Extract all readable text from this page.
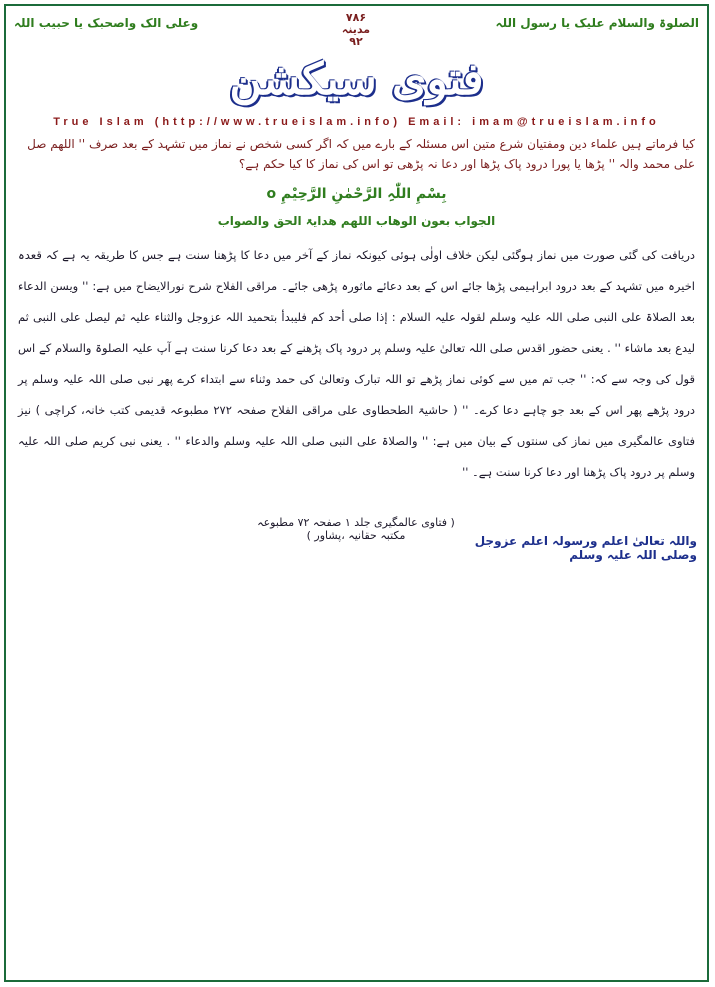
الصلوۃ والسلام علیک یا رسول اللہ
۷۸۶
مدینہ
۹۲
وعلی الک واصحبک یا حبیب اللہ
فتوی سیکشن
True Islam (http://www.trueislam.info) Email: imam@trueislam.info
کیا فرماتے ہیں علماء دین ومفتیان شرع متین اس مسئلہ کے بارے میں کہ اگر کسی شخص نے نماز میں تشہد کے بعد صرف '' اللھم صل علی محمد والہ '' پڑھا یا پورا درود پاک پڑھا اور دعا نہ پڑھی تو اس کی نماز کا کیا حکم ہے؟
بِسْمِ اللّٰہِ الرَّحْمٰنِ الرَّحِیْمِ o
الجواب بعون الوھاب اللھم ھدایۃ الحق والصواب
دریافت کی گئی صورت میں نماز ہوگئی لیکن خلاف اولٰی ہوئی کیونکہ نماز کے آخر میں دعا کا پڑھنا سنت ہے جس کا طریقہ یہ ہے کہ قعدہ اخیرہ میں تشہد کے بعد درود ابراہیمی پڑھا جائے اس کے بعد دعائے ماثورہ پڑھی جائے۔ مراقی الفلاح شرح نورالایضاح میں ہے: '' ویسن الدعاء بعد الصلاۃ علی النبی صلی اللہ علیہ وسلم لقولہ علیہ السلام : إذا صلی أحد کم فلیبدأ بتحمید اللہ عزوجل والثناء علیہ ثم لیصل علی النبی ثم لیدع بعد ماشاء '' . یعنی حضور اقدس صلی اللہ تعالیٰ علیہ وسلم پر درود پاک پڑھنے کے بعد دعا کرنا سنت ہے آپ علیہ الصلوۃ والسلام کے اس قول کی وجہ سے کہ: '' جب تم میں سے کوئی نماز پڑھے تو اللہ تبارک وتعالیٰ کی حمد وثناء سے ابتداء کرے پھر نبی صلی اللہ علیہ وسلم پر درود پڑھے پھر اس کے بعد جو چاہے دعا کرے۔ '' ( حاشیۃ الطحطاوی علی مراقی الفلاح صفحہ ۲۷۲ مطبوعہ قدیمی کتب خانہ، کراچی ) نیز فتاوی عالمگیری میں نماز کی سنتوں کے بیان میں ہے: '' والصلاۃ علی النبی صلی اللہ علیہ وسلم والدعاء '' . یعنی نبی کریم صلی اللہ علیہ وسلم پر درود پاک پڑھنا اور دعا کرنا سنت ہے۔ ''
( فتاوی عالمگیری جلد ۱ صفحہ ۷۲ مطبوعہ مکتبہ حقانیہ ،پشاور )	واللہ تعالیٰ اعلم ورسولہ اعلم عزوجل وصلی اللہ علیہ وسلم
